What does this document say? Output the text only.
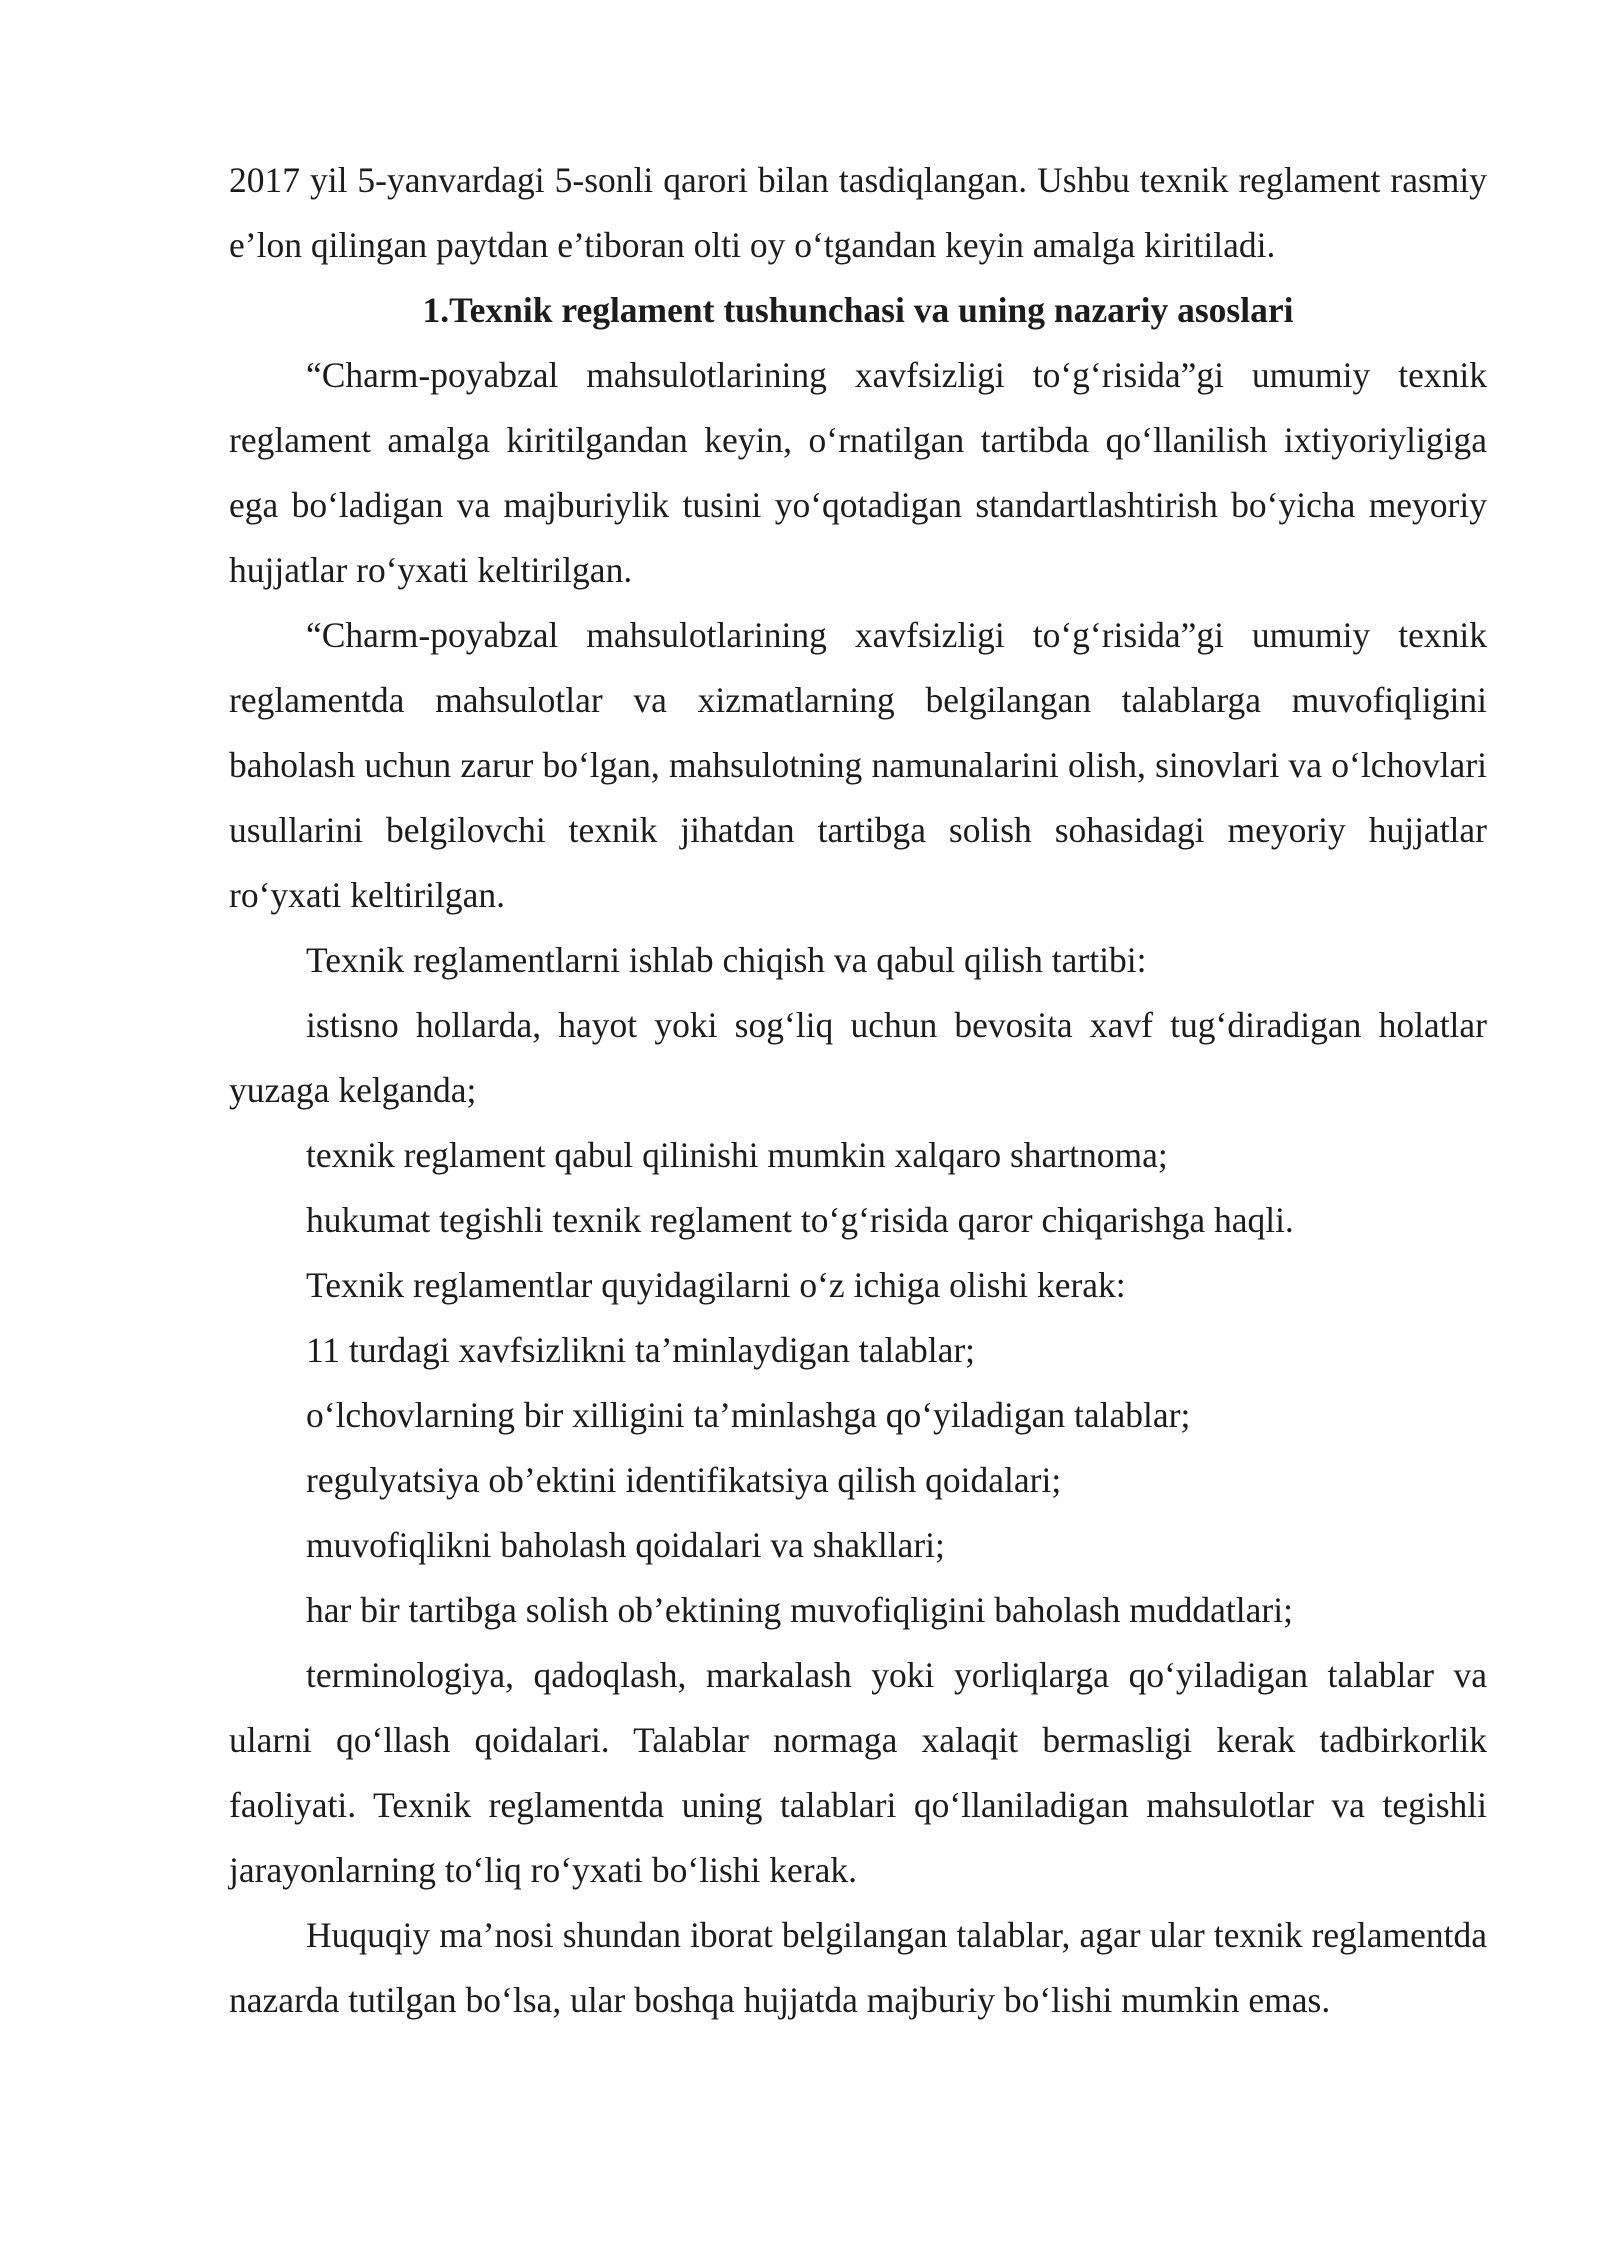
2017 yil 5-yanvardagi 5-sonli qarori bilan tasdiqlangan. Ushbu texnik reglament rasmiy e’lon qilingan paytdan e’tiboran olti oy o‘tgandan keyin amalga kiritiladi.

1.Texnik reglament tushunchasi va uning nazariy asoslari

“Charm-poyabzal mahsulotlarining xavfsizligi to‘g‘risida”gi umumiy texnik reglament amalga kiritilgandan keyin, o‘rnatilgan tartibda qo‘llanilish ixtiyoriyligiga ega bo‘ladigan va majburiylik tusini yo‘qotadigan standartlashtirish bo‘yicha meyoriy hujjatlar ro‘yxati keltirilgan.

“Charm-poyabzal mahsulotlarining xavfsizligi to‘g‘risida”gi umumiy texnik reglamentda mahsulotlar va xizmatlarning belgilangan talablarga muvofiqligini baholash uchun zarur bo‘lgan, mahsulotning namunalarini olish, sinovlari va o‘lchovlari usullarini belgilovchi texnik jihatdan tartibga solish sohasidagi meyoriy hujjatlar ro‘yxati keltirilgan.

Texnik reglamentlarni ishlab chiqish va qabul qilish tartibi:

istisno hollarda, hayot yoki sog‘liq uchun bevosita xavf tug‘diradigan holatlar yuzaga kelganda;

texnik reglament qabul qilinishi mumkin xalqaro shartnoma;

hukumat tegishli texnik reglament to‘g‘risida qaror chiqarishga haqli.

Texnik reglamentlar quyidagilarni o‘z ichiga olishi kerak:

11 turdagi xavfsizlikni ta’minlaydigan talablar;

o‘lchovlarning bir xilligini ta’minlashga qo‘yiladigan talablar;

regulyatsiya ob’ektini identifikatsiya qilish qoidalari;

muvofiqlikni baholash qoidalari va shakllari;

har bir tartibga solish ob’ektining muvofiqligini baholash muddatlari;

terminologiya, qadoqlash, markalash yoki yorliqlarga qo‘yiladigan talablar va ularni qo‘llash qoidalari. Talablar normaga xalaqit bermasligi kerak tadbirkorlik faoliyati. Texnik reglamentda uning talablari qo‘llaniladigan mahsulotlar va tegishli jarayonlarning to‘liq ro‘yxati bo‘lishi kerak.

Huquqiy ma’nosi shundan iborat belgilangan talablar, agar ular texnik reglamentda nazarda tutilgan bo‘lsa, ular boshqa hujjatda majburiy bo‘lishi mumkin emas.
